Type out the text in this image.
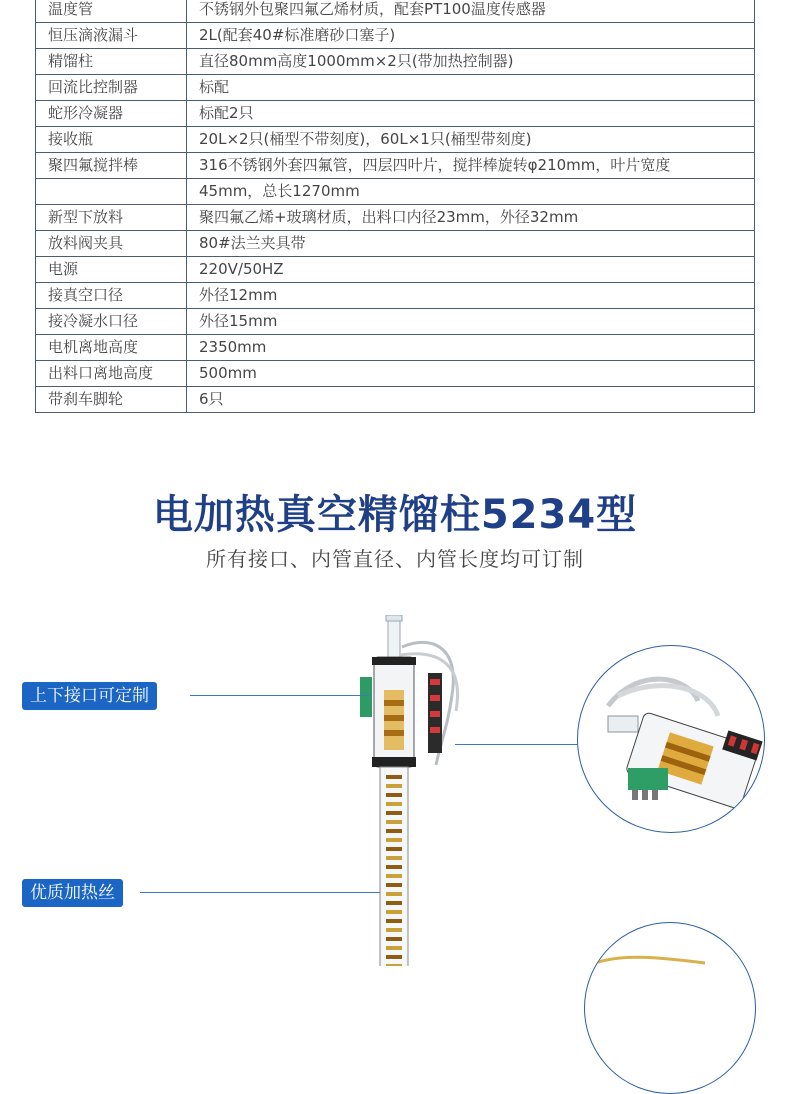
温度管	不锈钢外包聚四氟乙烯材质，配套PT100温度传感器
恒压滴液漏斗	2L(配套40#标准磨砂口塞子)
精馏柱	直径80mm高度1000mm×2只(带加热控制器)
回流比控制器	标配
蛇形冷凝器	标配2只
接收瓶	20L×2只(桶型不带刻度)，60L×1只(桶型带刻度)
聚四氟搅拌棒	316不锈钢外套四氟管，四层四叶片，搅拌棒旋转φ210mm，叶片宽度
	45mm，总长1270mm
新型下放料	聚四氟乙烯+玻璃材质，出料口内径23mm，外径32mm
放料阀夹具	80#法兰夹具带
电源	220V/50HZ
接真空口径	外径12mm
接冷凝水口径	外径15mm
电机离地高度	2350mm
出料口离地高度	500mm
带刹车脚轮	6只
电加热真空精馏柱5234型
所有接口、内管直径、内管长度均可订制
上下接口可定制
优质加热丝
